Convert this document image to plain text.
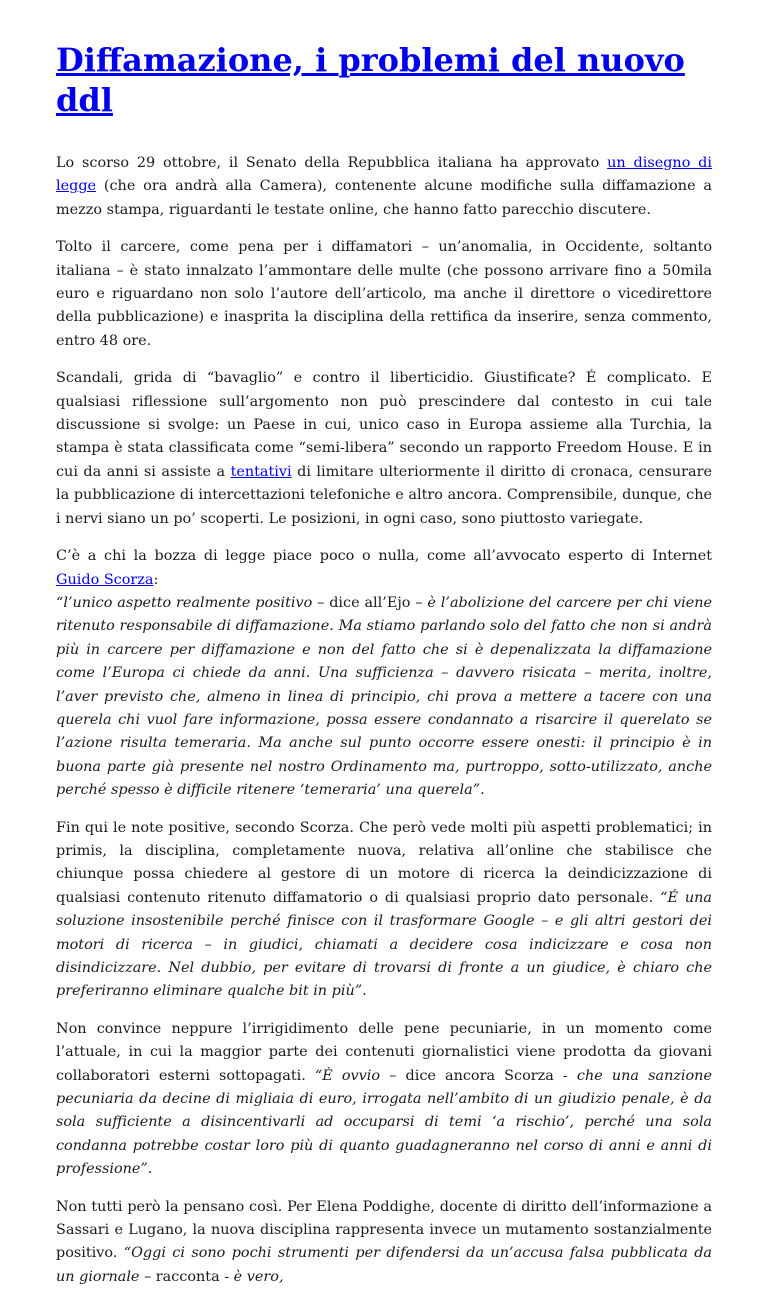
Diffamazione, i problemi del nuovo ddl

Lo scorso 29 ottobre, il Senato della Repubblica italiana ha approvato un disegno di legge (che ora andrà alla Camera), contenente alcune modifiche sulla diffamazione a mezzo stampa, riguardanti le testate online, che hanno fatto parecchio discutere.

Tolto il carcere, come pena per i diffamatori – un’anomalia, in Occidente, soltanto italiana – è stato innalzato l’ammontare delle multe (che possono arrivare fino a 50mila euro e riguardano non solo l’autore dell’articolo, ma anche il direttore o vicedirettore della pubblicazione) e inasprita la disciplina della rettifica da inserire, senza commento, entro 48 ore.

Scandali, grida di “bavaglio” e contro il liberticidio. Giustificate? É complicato. E qualsiasi riflessione sull’argomento non può prescindere dal contesto in cui tale discussione si svolge: un Paese in cui, unico caso in Europa assieme alla Turchia, la stampa è stata classificata come “semi-libera” secondo un rapporto Freedom House. E in cui da anni si assiste a tentativi di limitare ulteriormente il diritto di cronaca, censurare la pubblicazione di intercettazioni telefoniche e altro ancora. Comprensibile, dunque, che i nervi siano un po’ scoperti. Le posizioni, in ogni caso, sono piuttosto variegate.

C’è a chi la bozza di legge piace poco o nulla, come all’avvocato esperto di Internet Guido Scorza:
“l’unico aspetto realmente positivo – dice all’Ejo – è l’abolizione del carcere per chi viene ritenuto responsabile di diffamazione. Ma stiamo parlando solo del fatto che non si andrà più in carcere per diffamazione e non del fatto che si è depenalizzata la diffamazione come l’Europa ci chiede da anni. Una sufficienza – davvero risicata – merita, inoltre, l’aver previsto che, almeno in linea di principio, chi prova a mettere a tacere con una querela chi vuol fare informazione, possa essere condannato a risarcire il querelato se l’azione risulta temeraria. Ma anche sul punto occorre essere onesti: il principio è in buona parte già presente nel nostro Ordinamento ma, purtroppo, sotto-utilizzato, anche perché spesso è difficile ritenere ‘temeraria’ una querela”.

Fin qui le note positive, secondo Scorza. Che però vede molti più aspetti problematici; in primis, la disciplina, completamente nuova, relativa all’online che stabilisce che chiunque possa chiedere al gestore di un motore di ricerca la deindicizzazione di qualsiasi contenuto ritenuto diffamatorio o di qualsiasi proprio dato personale. “É una soluzione insostenibile perché finisce con il trasformare Google – e gli altri gestori dei motori di ricerca – in giudici, chiamati a decidere cosa indicizzare e cosa non disindicizzare. Nel dubbio, per evitare di trovarsi di fronte a un giudice, è chiaro che preferiranno eliminare qualche bit in più”.

Non convince neppure l’irrigidimento delle pene pecuniarie, in un momento come l’attuale, in cui la maggior parte dei contenuti giornalistici viene prodotta da giovani collaboratori esterni sottopagati. “È ovvio – dice ancora Scorza - che una sanzione pecuniaria da decine di migliaia di euro, irrogata nell’ambito di un giudizio penale, è da sola sufficiente a disincentivarli ad occuparsi di temi ‘a rischio’, perché una sola condanna potrebbe costar loro più di quanto guadagneranno nel corso di anni e anni di professione”.

Non tutti però la pensano così. Per Elena Poddighe, docente di diritto dell’informazione a Sassari e Lugano, la nuova disciplina rappresenta invece un mutamento sostanzialmente positivo. “Oggi ci sono pochi strumenti per difendersi da un’accusa falsa pubblicata da un giornale – racconta - è vero,
